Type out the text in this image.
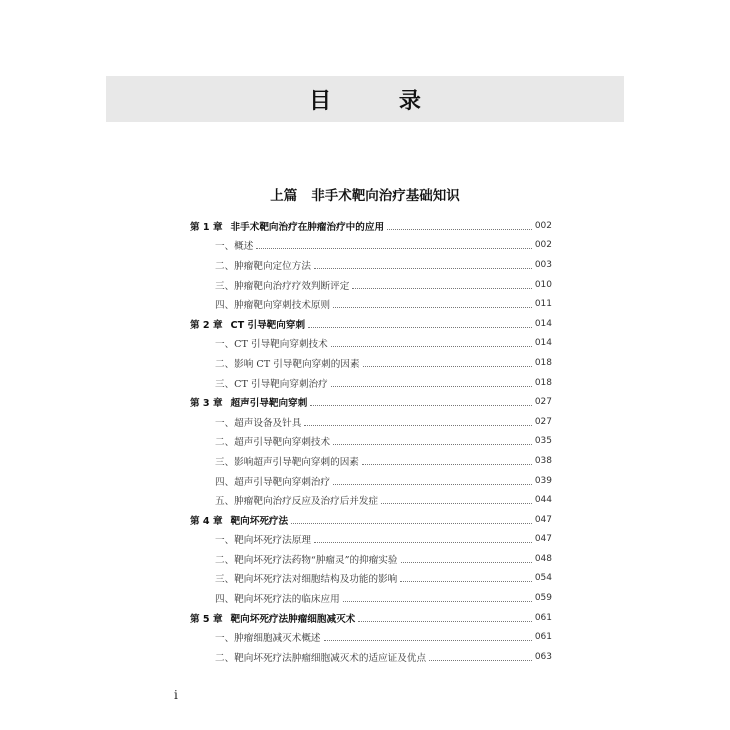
目 录
上篇 非手术靶向治疗基础知识
第 1 章 非手术靶向治疗在肿瘤治疗中的应用	002
一、概述	002
二、肿瘤靶向定位方法	003
三、肿瘤靶向治疗疗效判断评定	010
四、肿瘤靶向穿刺技术原则	011
第 2 章 CT 引导靶向穿刺	014
一、CT 引导靶向穿刺技术	014
二、影响 CT 引导靶向穿刺的因素	018
三、CT 引导靶向穿刺治疗	018
第 3 章 超声引导靶向穿刺	027
一、超声设备及针具	027
二、超声引导靶向穿刺技术	035
三、影响超声引导靶向穿刺的因素	038
四、超声引导靶向穿刺治疗	039
五、肿瘤靶向治疗反应及治疗后并发症	044
第 4 章 靶向坏死疗法	047
一、靶向坏死疗法原理	047
二、靶向坏死疗法药物“肿瘤灵”的抑瘤实验	048
三、靶向坏死疗法对细胞结构及功能的影响	054
四、靶向坏死疗法的临床应用	059
第 5 章 靶向坏死疗法肿瘤细胞减灭术	061
一、肿瘤细胞减灭术概述	061
二、靶向坏死疗法肿瘤细胞减灭术的适应证及优点	063
i
